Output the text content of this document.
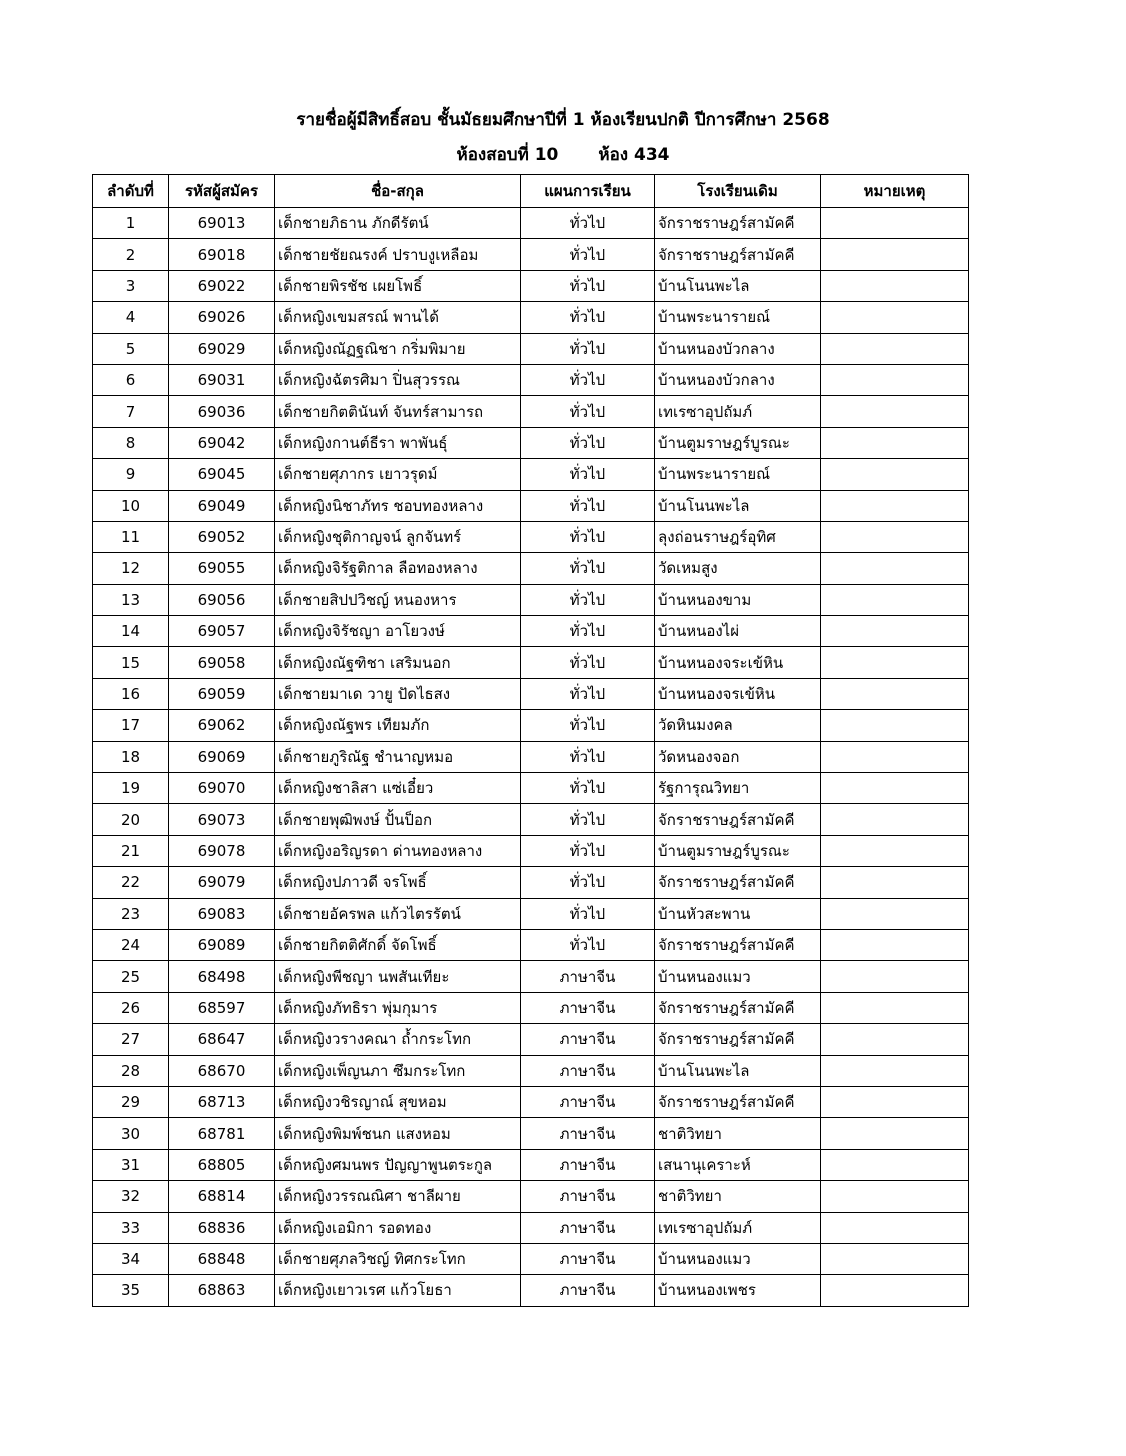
รายชื่อผู้มีสิทธิ์สอบ ชั้นมัธยมศึกษาปีที่ 1 ห้องเรียนปกติ ปีการศึกษา 2568
ห้องสอบที่ 10 ห้อง 434
ลำดับที่	รหัสผู้สมัคร	ชื่อ-สกุล	แผนการเรียน	โรงเรียนเดิม	หมายเหตุ
1	69013	เด็กชายภิธาน ภักดีรัตน์	ทั่วไป	จักราชราษฎร์สามัคคี	
2	69018	เด็กชายชัยณรงค์ ปราบงูเหลือม	ทั่วไป	จักราชราษฎร์สามัคคี	
3	69022	เด็กชายพิรชัช เผยโพธิ์	ทั่วไป	บ้านโนนพะไล	
4	69026	เด็กหญิงเขมสรณ์ พานได้	ทั่วไป	บ้านพระนารายณ์	
5	69029	เด็กหญิงณัฏฐณิชา กริ่มพิมาย	ทั่วไป	บ้านหนองบัวกลาง	
6	69031	เด็กหญิงฉัตรศิมา ปิ่นสุวรรณ	ทั่วไป	บ้านหนองบัวกลาง	
7	69036	เด็กชายกิตตินันท์ จันทร์สามารถ	ทั่วไป	เทเรซาอุปถัมภ์	
8	69042	เด็กหญิงกานต์ธีรา พาพันธุ์	ทั่วไป	บ้านตูมราษฎร์บูรณะ	
9	69045	เด็กชายศุภากร เยาวรุดม์	ทั่วไป	บ้านพระนารายณ์	
10	69049	เด็กหญิงนิชาภัทร ชอบทองหลาง	ทั่วไป	บ้านโนนพะไล	
11	69052	เด็กหญิงชุติกาญจน์ ลูกจันทร์	ทั่วไป	ลุงถ่อนราษฎร์อุทิศ	
12	69055	เด็กหญิงจิรัฐติกาล ลือทองหลาง	ทั่วไป	วัดเหมสูง	
13	69056	เด็กชายสิปปวิชญ์ หนองหาร	ทั่วไป	บ้านหนองขาม	
14	69057	เด็กหญิงจิรัชญา อาโยวงษ์	ทั่วไป	บ้านหนองไผ่	
15	69058	เด็กหญิงณัฐฑิชา เสริมนอก	ทั่วไป	บ้านหนองจระเข้หิน	
16	69059	เด็กชายมาเด วายู ปัดไธสง	ทั่วไป	บ้านหนองจรเข้หิน	
17	69062	เด็กหญิงณัฐพร เทียมภัก	ทั่วไป	วัดหินมงคล	
18	69069	เด็กชายภูริณัฐ ชำนาญหมอ	ทั่วไป	วัดหนองจอก	
19	69070	เด็กหญิงชาลิสา แซ่เอี๋ยว	ทั่วไป	รัฐการุณวิทยา	
20	69073	เด็กชายพุฒิพงษ์ ปั้นป็อก	ทั่วไป	จักราชราษฎร์สามัคคี	
21	69078	เด็กหญิงอริญรดา ด่านทองหลาง	ทั่วไป	บ้านตูมราษฎร์บูรณะ	
22	69079	เด็กหญิงปภาวดี จรโพธิ์	ทั่วไป	จักราชราษฎร์สามัคคี	
23	69083	เด็กชายอัครพล แก้วไตรรัตน์	ทั่วไป	บ้านหัวสะพาน	
24	69089	เด็กชายกิตติศักดิ์ จัดโพธิ์	ทั่วไป	จักราชราษฎร์สามัคคี	
25	68498	เด็กหญิงพีชญา นพสันเทียะ	ภาษาจีน	บ้านหนองแมว	
26	68597	เด็กหญิงภัทธิรา พุ่มกุมาร	ภาษาจีน	จักราชราษฎร์สามัคคี	
27	68647	เด็กหญิงวรางคณา ถ้ำกระโทก	ภาษาจีน	จักราชราษฎร์สามัคคี	
28	68670	เด็กหญิงเพ็ญนภา ซึมกระโทก	ภาษาจีน	บ้านโนนพะไล	
29	68713	เด็กหญิงวชิรญาณ์ สุขหอม	ภาษาจีน	จักราชราษฎร์สามัคคี	
30	68781	เด็กหญิงพิมพ์ชนก แสงหอม	ภาษาจีน	ชาติวิทยา	
31	68805	เด็กหญิงศมนพร ปัญญาพูนตระกูล	ภาษาจีน	เสนานุเคราะห์	
32	68814	เด็กหญิงวรรณณิศา ชาลีผาย	ภาษาจีน	ชาติวิทยา	
33	68836	เด็กหญิงเอมิกา รอดทอง	ภาษาจีน	เทเรซาอุปถัมภ์	
34	68848	เด็กชายศุภลวิชญ์ ทิศกระโทก	ภาษาจีน	บ้านหนองแมว	
35	68863	เด็กหญิงเยาวเรศ แก้วโยธา	ภาษาจีน	บ้านหนองเพชร	
